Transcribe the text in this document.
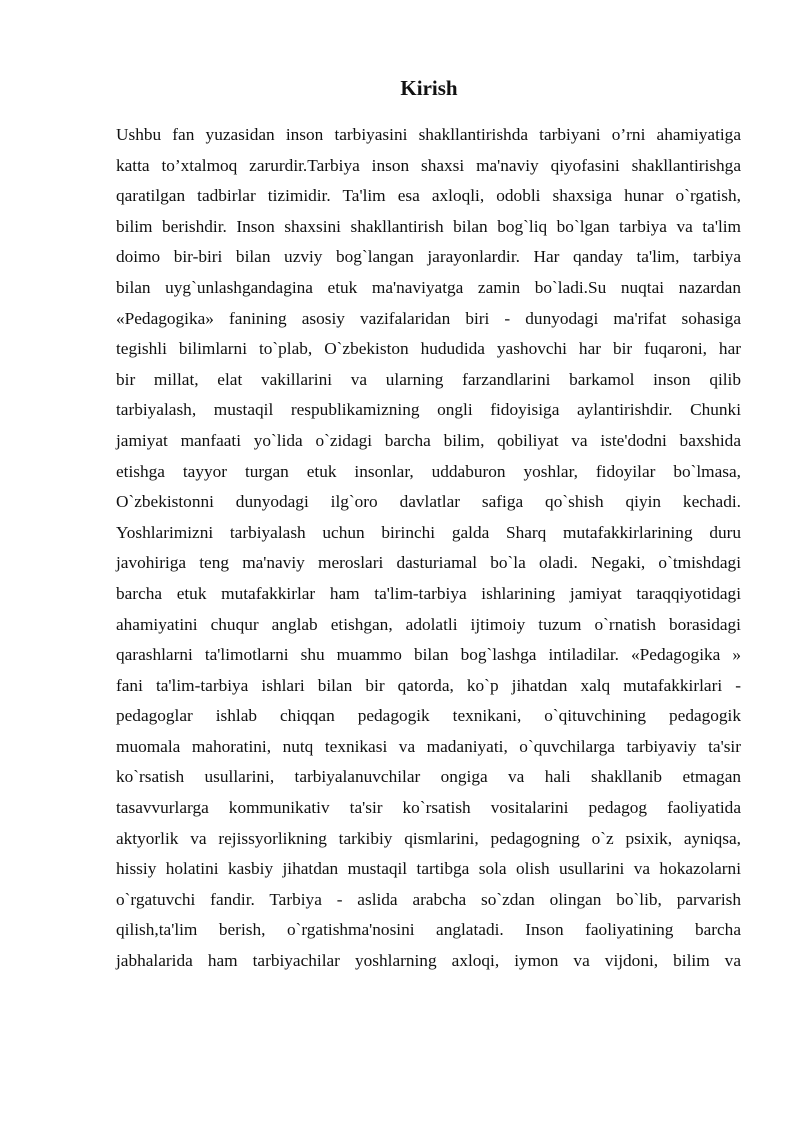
Kirish
Ushbu fan yuzasidan inson tarbiyasini shakllantirishda tarbiyani o’rni ahamiyatiga
katta to’xtalmoq zarurdir.Tarbiya inson shaxsi ma'naviy qiyofasini shakllantirishga
qaratilgan tadbirlar tizimidir. Ta'lim esa axloqli, odobli shaxsiga hunar o`rgatish,
bilim berishdir. Inson shaxsini shakllantirish bilan bog`liq bo`lgan tarbiya va ta'lim
doimo bir-biri bilan uzviy bog`langan jarayonlardir. Har qanday ta'lim, tarbiya
bilan uyg`unlashgandagina etuk ma'naviyatga zamin bo`ladi.Su nuqtai nazardan
«Pedagogika» fanining asosiy vazifalaridan biri - dunyodagi ma'rifat sohasiga
tegishli bilimlarni to`plab, O`zbekiston hududida yashovchi har bir fuqaroni, har
bir millat, elat vakillarini va ularning farzandlarini barkamol inson qilib
tarbiyalash, mustaqil respublikamizning ongli fidoyisiga aylantirishdir. Chunki
jamiyat manfaati yo`lida o`zidagi barcha bilim, qobiliyat va iste'dodni baxshida
etishga tayyor turgan etuk insonlar, uddaburon yoshlar, fidoyilar bo`lmasa,
O`zbekistonni dunyodagi ilg`oro davlatlar safiga qo`shish qiyin kechadi.
Yoshlarimizni tarbiyalash uchun birinchi galda Sharq mutafakkirlarining duru
javohiriga teng ma'naviy meroslari dasturiamal bo`la oladi. Negaki, o`tmishdagi
barcha etuk mutafakkirlar ham ta'lim-tarbiya ishlarining jamiyat taraqqiyotidagi
ahamiyatini chuqur anglab etishgan, adolatli ijtimoiy tuzum o`rnatish borasidagi
qarashlarni ta'limotlarni shu muammo bilan bog`lashga intiladilar. «Pedagogika »
fani ta'lim-tarbiya ishlari bilan bir qatorda, ko`p jihatdan xalq mutafakkirlari -
pedagoglar ishlab chiqqan pedagogik texnikani, o`qituvchining pedagogik
muomala mahoratini, nutq texnikasi va madaniyati, o`quvchilarga tarbiyaviy ta'sir
ko`rsatish usullarini, tarbiyalanuvchilar ongiga va hali shakllanib etmagan
tasavvurlarga kommunikativ ta'sir ko`rsatish vositalarini pedagog faoliyatida
aktyorlik va rejissyorlikning tarkibiy qismlarini, pedagogning o`z psixik, ayniqsa,
hissiy holatini kasbiy jihatdan mustaqil tartibga sola olish usullarini va hokazolarni
o`rgatuvchi fandir. Tarbiya - aslida arabcha so`zdan olingan bo`lib, parvarish
qilish,ta'lim berish, o`rgatishma'nosini anglatadi. Inson faoliyatining barcha
jabhalarida ham tarbiyachilar yoshlarning axloqi, iymon va vijdoni, bilim va
